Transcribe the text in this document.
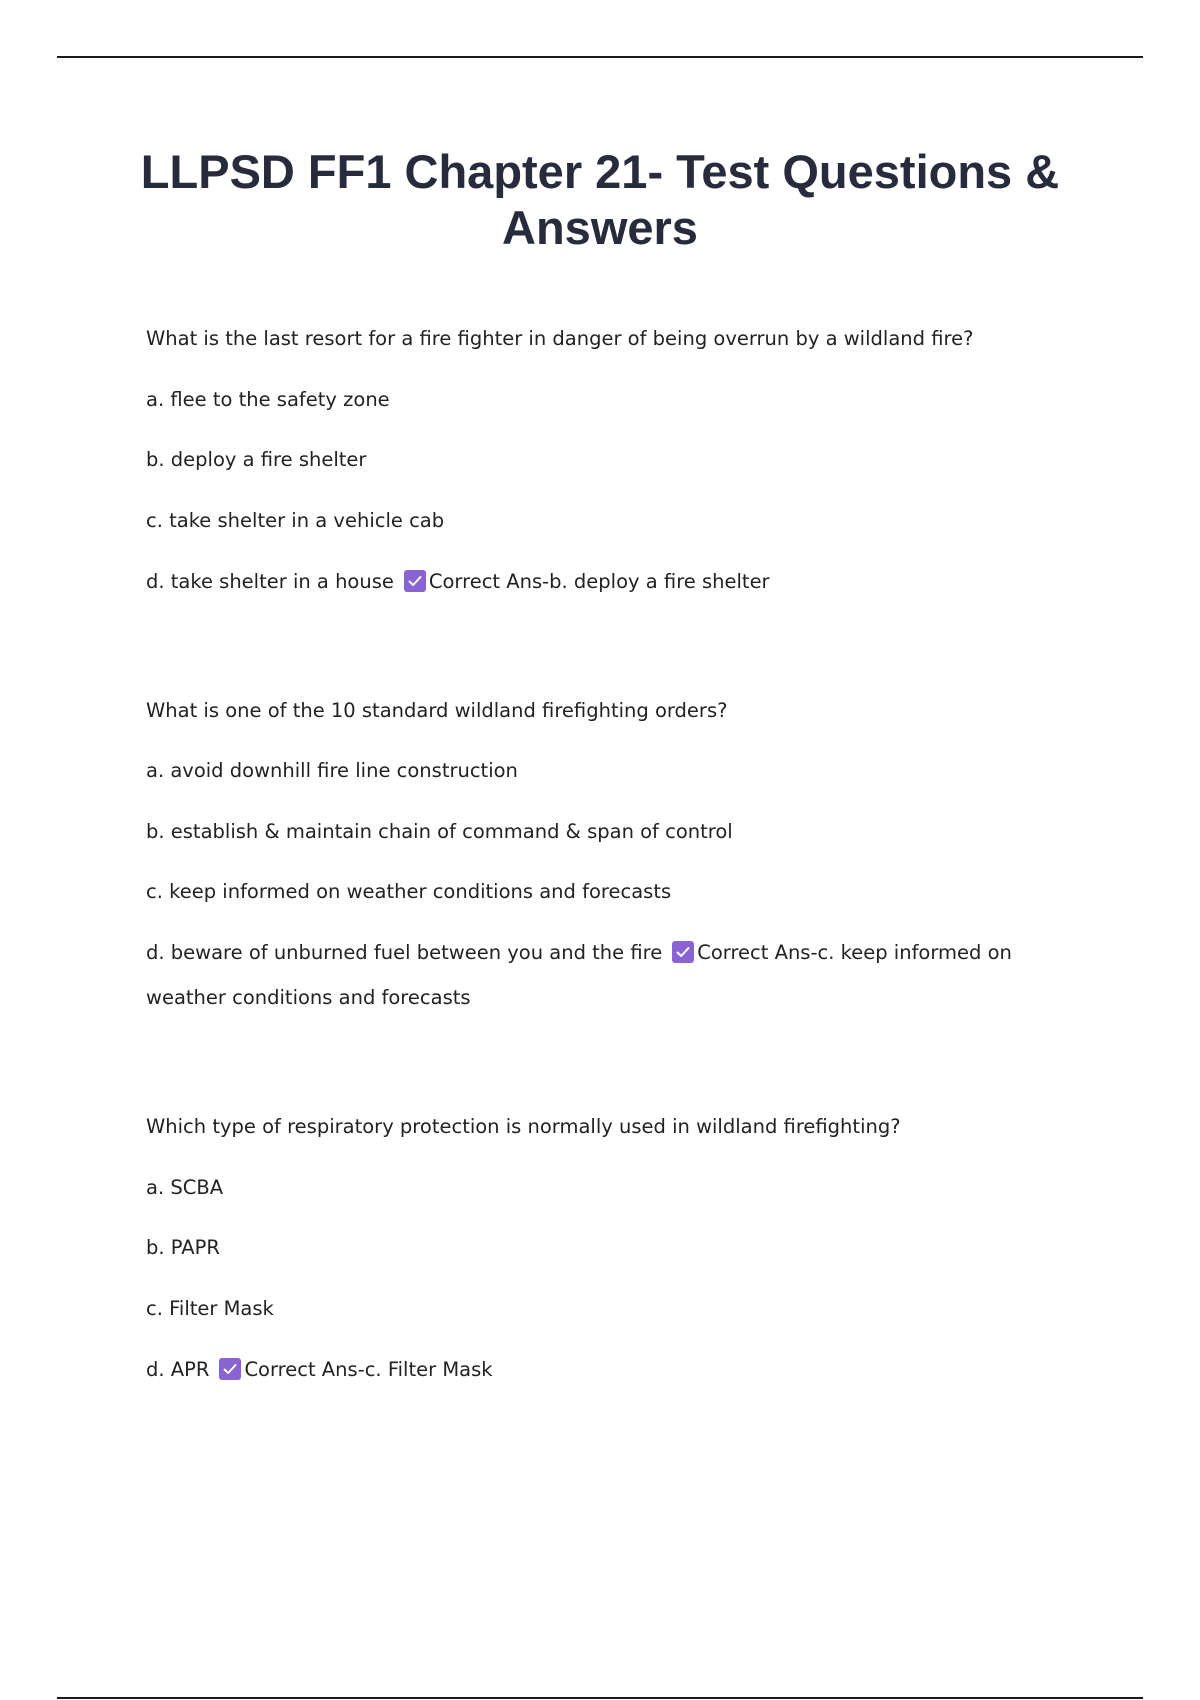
LLPSD FF1 Chapter 21- Test Questions & Answers
What is the last resort for a fire fighter in danger of being overrun by a wildland fire?
a. flee to the safety zone
b. deploy a fire shelter
c. take shelter in a vehicle cab
d. take shelter in a house Correct Ans-b. deploy a fire shelter
What is one of the 10 standard wildland firefighting orders?
a. avoid downhill fire line construction
b. establish & maintain chain of command & span of control
c. keep informed on weather conditions and forecasts
d. beware of unburned fuel between you and the fire Correct Ans-c. keep informed on weather conditions and forecasts
Which type of respiratory protection is normally used in wildland firefighting?
a. SCBA
b. PAPR
c. Filter Mask
d. APR Correct Ans-c. Filter Mask
